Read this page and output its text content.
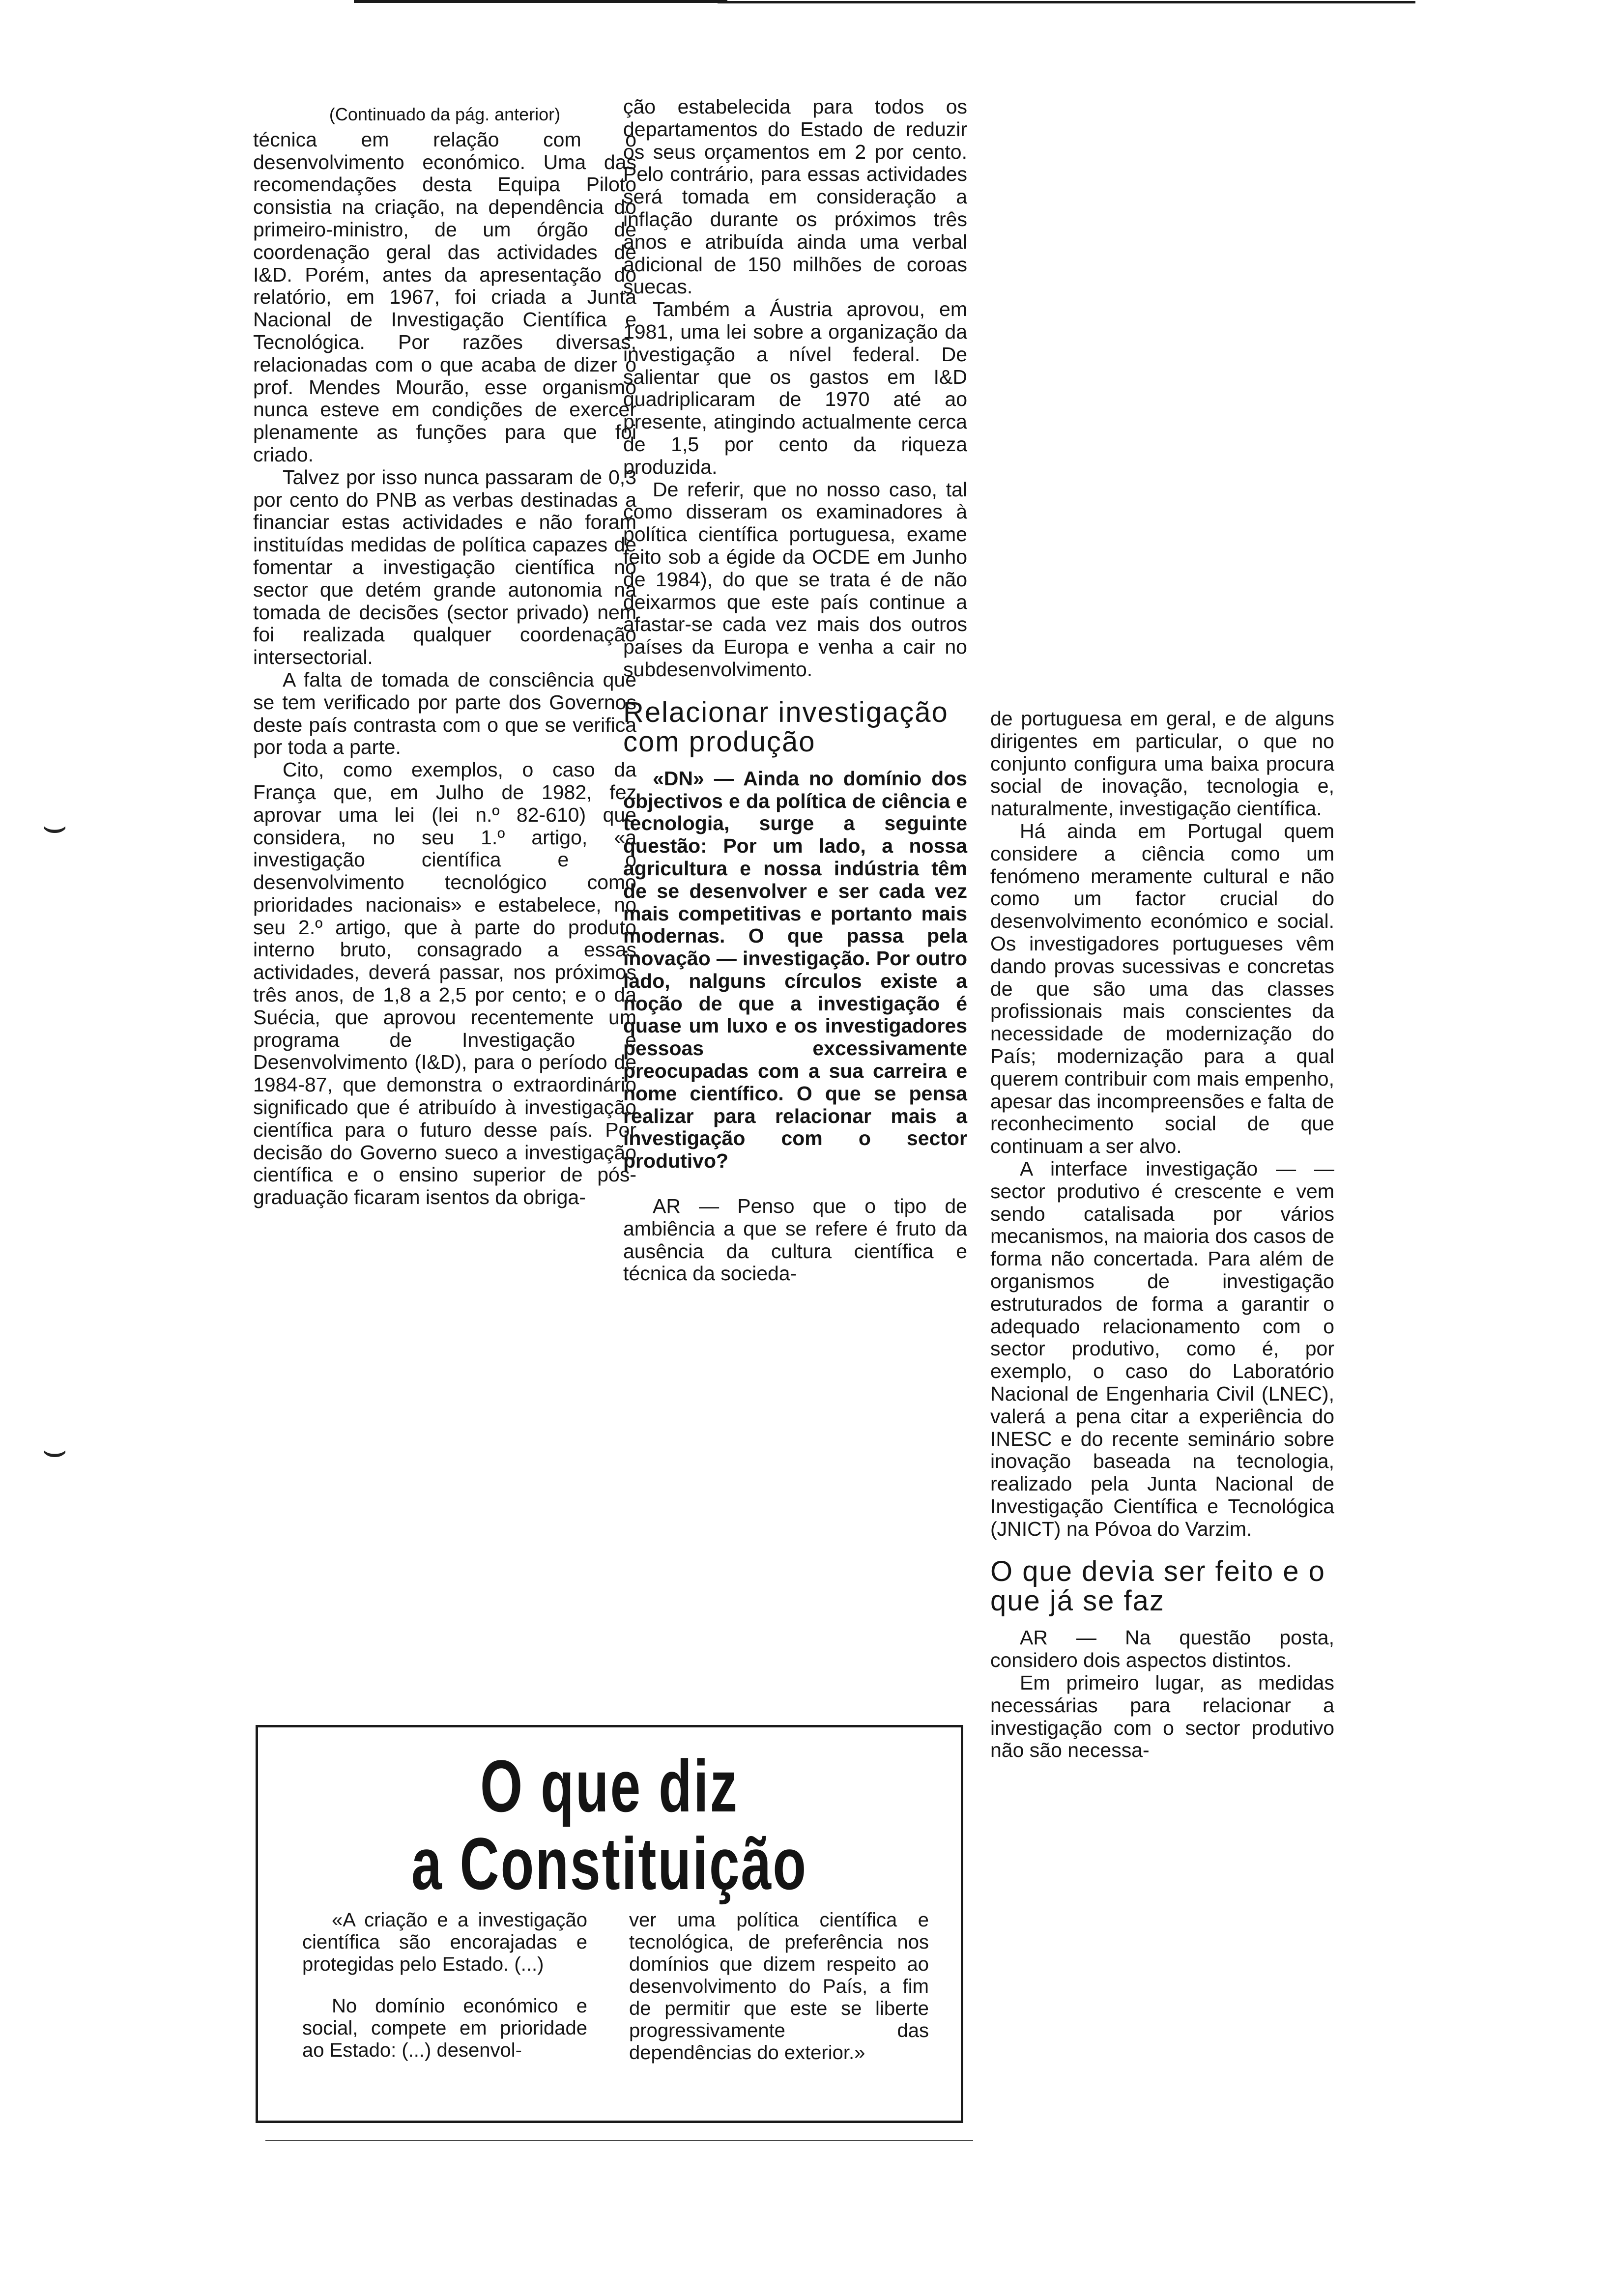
(Continuado da pág. anterior)

técnica em relação com o desenvolvimento económico. Uma das recomendações desta Equipa Piloto consistia na criação, na dependência do primeiro-ministro, de um órgão de coordenação geral das actividades de I&D. Porém, antes da apresentação do relatório, em 1967, foi criada a Junta Nacional de Investigação Científica e Tecnológica. Por razões diversas, relacionadas com o que acaba de dizer o prof. Mendes Mourão, esse organismo nunca esteve em condições de exercer plenamente as funções para que foi criado.

Talvez por isso nunca passaram de 0,3 por cento do PNB as verbas destinadas a financiar estas actividades e não foram instituídas medidas de política capazes de fomentar a investigação científica no sector que detém grande autonomia na tomada de decisões (sector privado) nem foi realizada qualquer coordenação intersectorial.

A falta de tomada de consciência que se tem verificado por parte dos Governos deste país contrasta com o que se verifica por toda a parte.

Cito, como exemplos, o caso da França que, em Julho de 1982, fez aprovar uma lei (lei n.º 82-610) que considera, no seu 1.º artigo, «a investigação científica e o desenvolvimento tecnológico como prioridades nacionais» e estabelece, no seu 2.º artigo, que à parte do produto interno bruto, consagrado a essas actividades, deverá passar, nos próximos três anos, de 1,8 a 2,5 por cento; e o da Suécia, que aprovou recentemente um programa de Investigação e Desenvolvimento (I&D), para o período de 1984-87, que demonstra o extraordinário significado que é atribuído à investigação científica para o futuro desse país. Por decisão do Governo sueco a investigação científica e o ensino superior de pós-graduação ficaram isentos da obriga-

ção estabelecida para todos os departamentos do Estado de reduzir os seus orçamentos em 2 por cento. Pelo contrário, para essas actividades será tomada em consideração a inflação durante os próximos três anos e atribuída ainda uma verbal adicional de 150 milhões de coroas suecas.

Também a Áustria aprovou, em 1981, uma lei sobre a organização da investigação a nível federal. De salientar que os gastos em I&D quadriplicaram de 1970 até ao presente, atingindo actualmente cerca de 1,5 por cento da riqueza produzida.

De referir, que no nosso caso, tal como disseram os examinadores à política científica portuguesa, exame feito sob a égide da OCDE em Junho de 1984), do que se trata é de não deixarmos que este país continue a afastar-se cada vez mais dos outros países da Europa e venha a cair no subdesenvolvimento.

Relacionar investigação com produção

«DN» — Ainda no domínio dos objectivos e da política de ciência e tecnologia, surge a seguinte questão: Por um lado, a nossa agricultura e nossa indústria têm de se desenvolver e ser cada vez mais competitivas e portanto mais modernas. O que passa pela inovação — investigação. Por outro lado, nalguns círculos existe a noção de que a investigação é quase um luxo e os investigadores pessoas excessivamente preocupadas com a sua carreira e nome científico. O que se pensa realizar para relacionar mais a investigação com o sector produtivo?

AR — Penso que o tipo de ambiência a que se refere é fruto da ausência da cultura científica e técnica da socieda-

de portuguesa em geral, e de alguns dirigentes em particular, o que no conjunto configura uma baixa procura social de inovação, tecnologia e, naturalmente, investigação científica.

Há ainda em Portugal quem considere a ciência como um fenómeno meramente cultural e não como um factor crucial do desenvolvimento económico e social. Os investigadores portugueses vêm dando provas sucessivas e concretas de que são uma das classes profissionais mais conscientes da necessidade de modernização do País; modernização para a qual querem contribuir com mais empenho, apesar das incompreensões e falta de reconhecimento social de que continuam a ser alvo.

A interface investigação — — sector produtivo é crescente e vem sendo catalisada por vários mecanismos, na maioria dos casos de forma não concertada. Para além de organismos de investigação estruturados de forma a garantir o adequado relacionamento com o sector produtivo, como é, por exemplo, o caso do Laboratório Nacional de Engenharia Civil (LNEC), valerá a pena citar a experiência do INESC e do recente seminário sobre inovação baseada na tecnologia, realizado pela Junta Nacional de Investigação Científica e Tecnológica (JNICT) na Póvoa do Varzim.

O que devia ser feito e o que já se faz

AR — Na questão posta, considero dois aspectos distintos.

Em primeiro lugar, as medidas necessárias para relacionar a investigação com o sector produtivo não são necessa-

O que diz
a Constituição

«A criação e a investigação científica são encorajadas e protegidas pelo Estado. (...)

No domínio económico e social, compete em prioridade ao Estado: (...) desenvol-

ver uma política científica e tecnológica, de preferência nos domínios que dizem respeito ao desenvolvimento do País, a fim de permitir que este se liberte progressivamente das dependências do exterior.»

⌣
⌣
